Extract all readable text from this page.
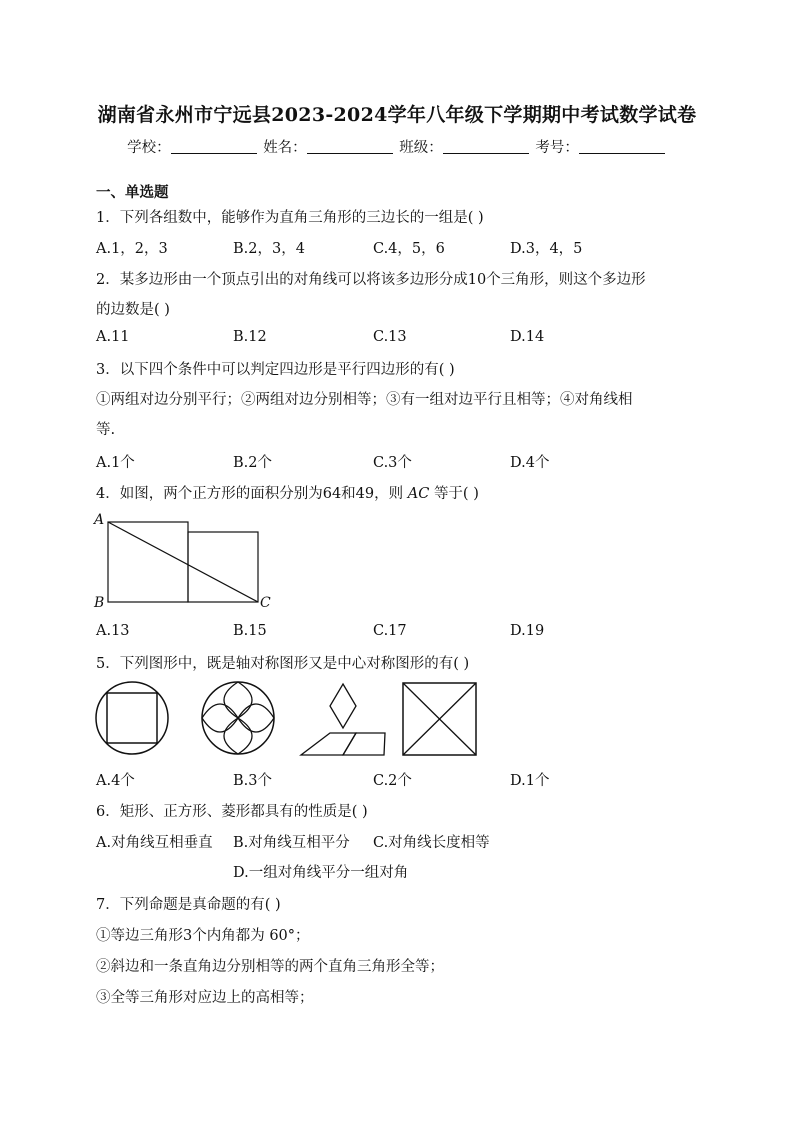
湖南省永州市宁远县2023-2024学年八年级下学期期中考试数学试卷
学校：	姓名：	班级：	考号：
一、单选题
1．下列各组数中，能够作为直角三角形的三边长的一组是( )
A.1，2，3	B.2，3，4	C.4，5，6	D.3，4，5
2．某多边形由一个顶点引出的对角线可以将该多边形分成10个三角形，则这个多边形
的边数是( )
A.11	B.12	C.13	D.14
3．以下四个条件中可以判定四边形是平行四边形的有( )
①两组对边分别平行；②两组对边分别相等；③有一组对边平行且相等；④对角线相
等.
A.1个	B.2个	C.3个	D.4个
4．如图，两个正方形的面积分别为64和49，则 AC 等于( )
A
B	C
A.13	B.15	C.17	D.19
5．下列图形中，既是轴对称图形又是中心对称图形的有( )
A.4个	B.3个	C.2个	D.1个
6．矩形、正方形、菱形都具有的性质是( )
A.对角线互相垂直 B.对角线互相平分 C.对角线长度相等
D.一组对角线平分一组对角
7．下列命题是真命题的有( )
①等边三角形3个内角都为 60°；
②斜边和一条直角边分别相等的两个直角三角形全等；
③全等三角形对应边上的高相等；
